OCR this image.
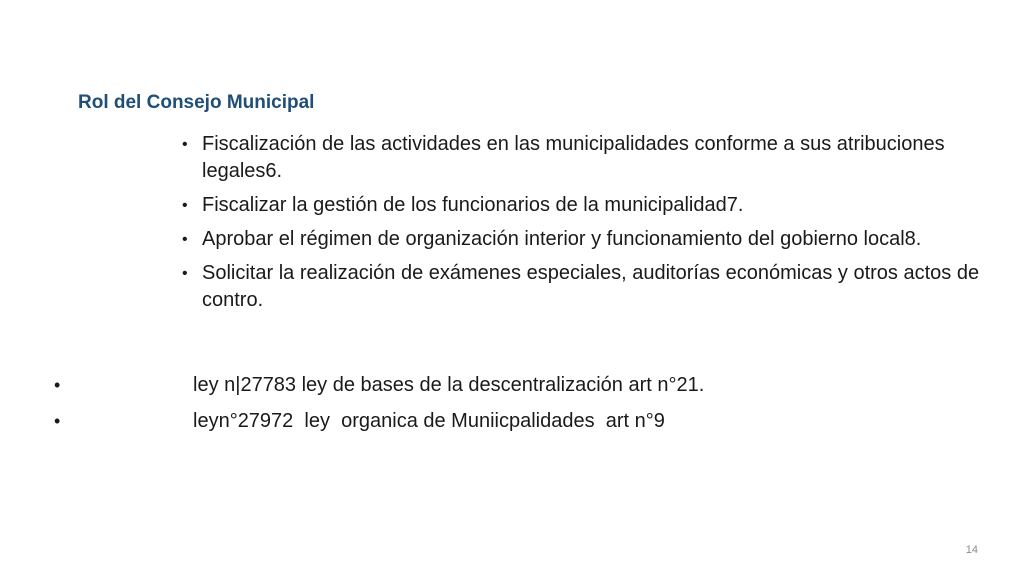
Rol del Consejo Municipal
• Fiscalización de las actividades en las municipalidades conforme a sus atribuciones legales6.
• Fiscalizar la gestión de los funcionarios de la municipalidad7.
• Aprobar el régimen de organización interior y funcionamiento del gobierno local8.
• Solicitar la realización de exámenes especiales, auditorías económicas y otros actos de contro.
•	ley n|27783 ley de bases de la descentralización art n°21.
•	leyn°27972  ley  organica de Muniicpalidades  art n°9
14
